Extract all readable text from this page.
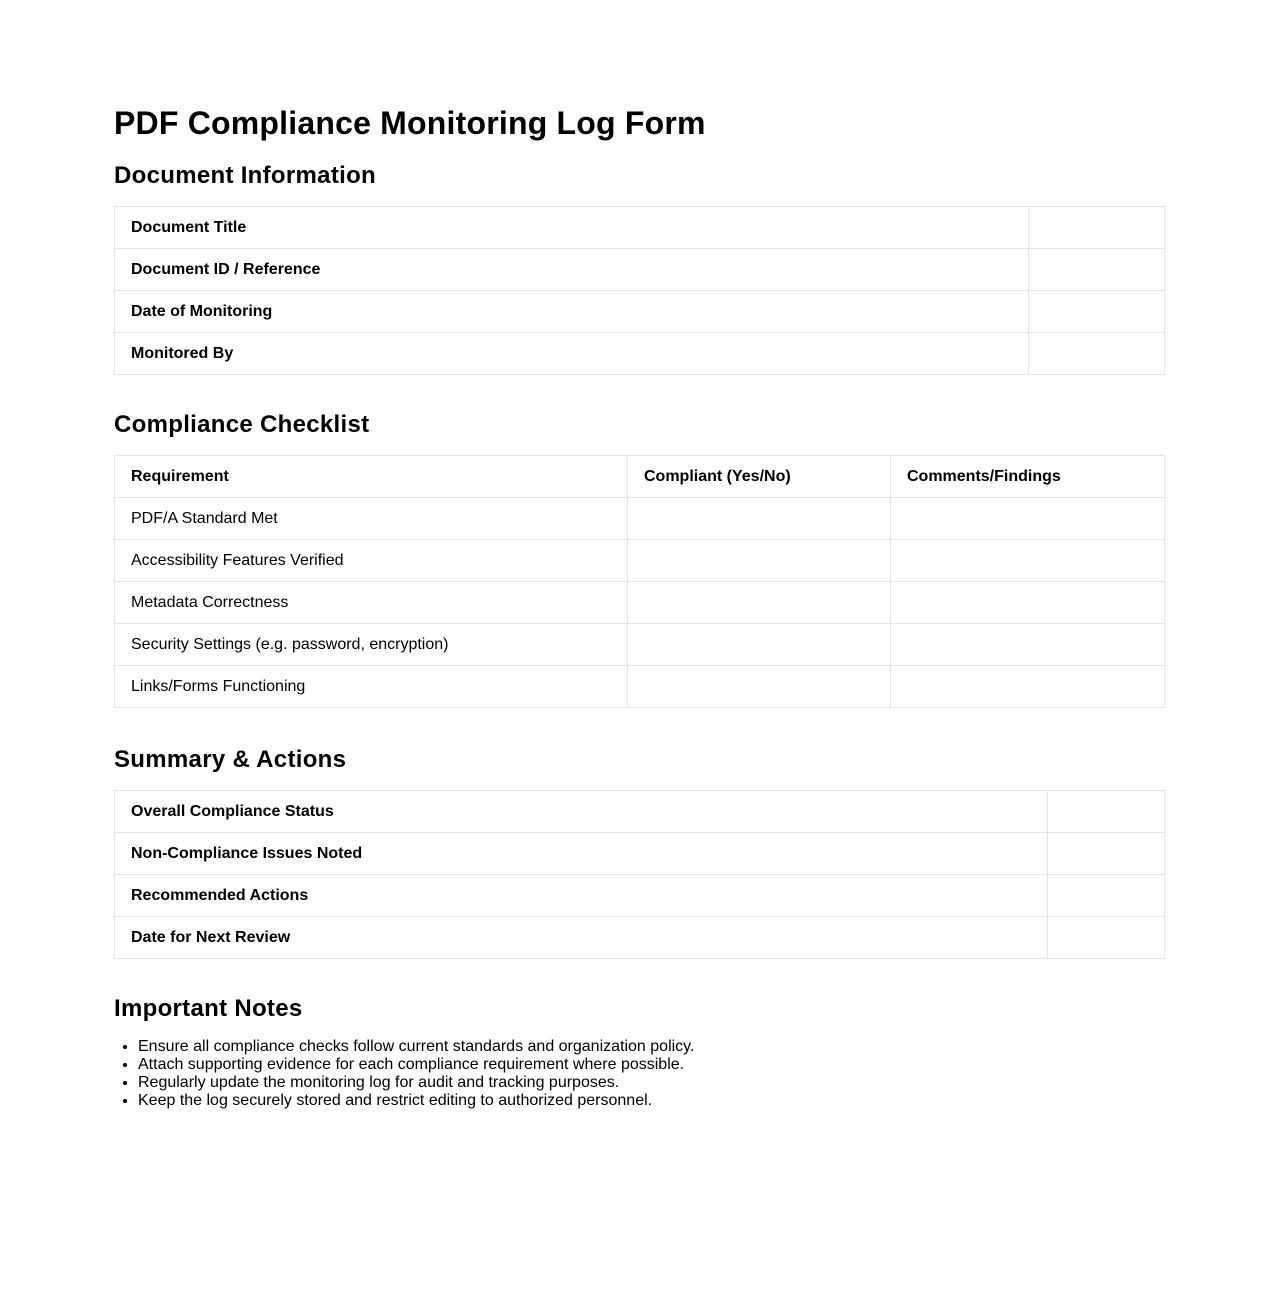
PDF Compliance Monitoring Log Form
Document Information
Document Title	
Document ID / Reference	
Date of Monitoring	
Monitored By	
Compliance Checklist
Requirement	Compliant (Yes/No)	Comments/Findings
PDF/A Standard Met		
Accessibility Features Verified		
Metadata Correctness		
Security Settings (e.g. password, encryption)		
Links/Forms Functioning		
Summary & Actions
Overall Compliance Status	
Non-Compliance Issues Noted	
Recommended Actions	
Date for Next Review	
Important Notes
• Ensure all compliance checks follow current standards and organization policy.
• Attach supporting evidence for each compliance requirement where possible.
• Regularly update the monitoring log for audit and tracking purposes.
• Keep the log securely stored and restrict editing to authorized personnel.
